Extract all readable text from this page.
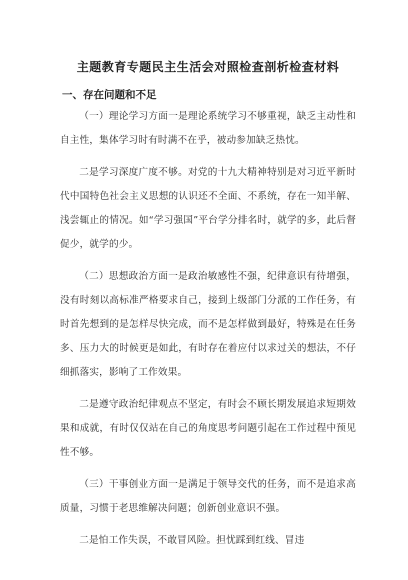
主题教育专题民主生活会对照检查剖析检查材料
一、存在问题和不足

（一）理论学习方面一是理论系统学习不够重视，缺乏主动性和自主性，集体学习时有时满不在乎，被动参加缺乏热忱。

二是学习深度广度不够。对党的十九大精神特别是对习近平新时代中国特色社会主义思想的认识还不全面、不系统，存在一知半解、浅尝辄止的情况。如“学习强国”平台学分排名时，就学的多，此后督促少，就学的少。

（二）思想政治方面一是政治敏感性不强，纪律意识有待增强，没有时刻以高标准严格要求自己，接到上级部门分派的工作任务，有时首先想到的是怎样尽快完成，而不是怎样做到最好，特殊是在任务多、压力大的时候更是如此，有时存在着应付以求过关的想法，不仔细抓落实，影响了工作效果。

二是遵守政治纪律观点不坚定，有时会不顾长期发展追求短期效果和成就，有时仅仅站在自己的角度思考问题引起在工作过程中预见性不够。

（三）干事创业方面一是满足于领导交代的任务，而不是追求高质量，习惯于老思维解决问题；创新创业意识不强。

二是怕工作失误，不敢冒风险。担忧踩到红线、冒违
